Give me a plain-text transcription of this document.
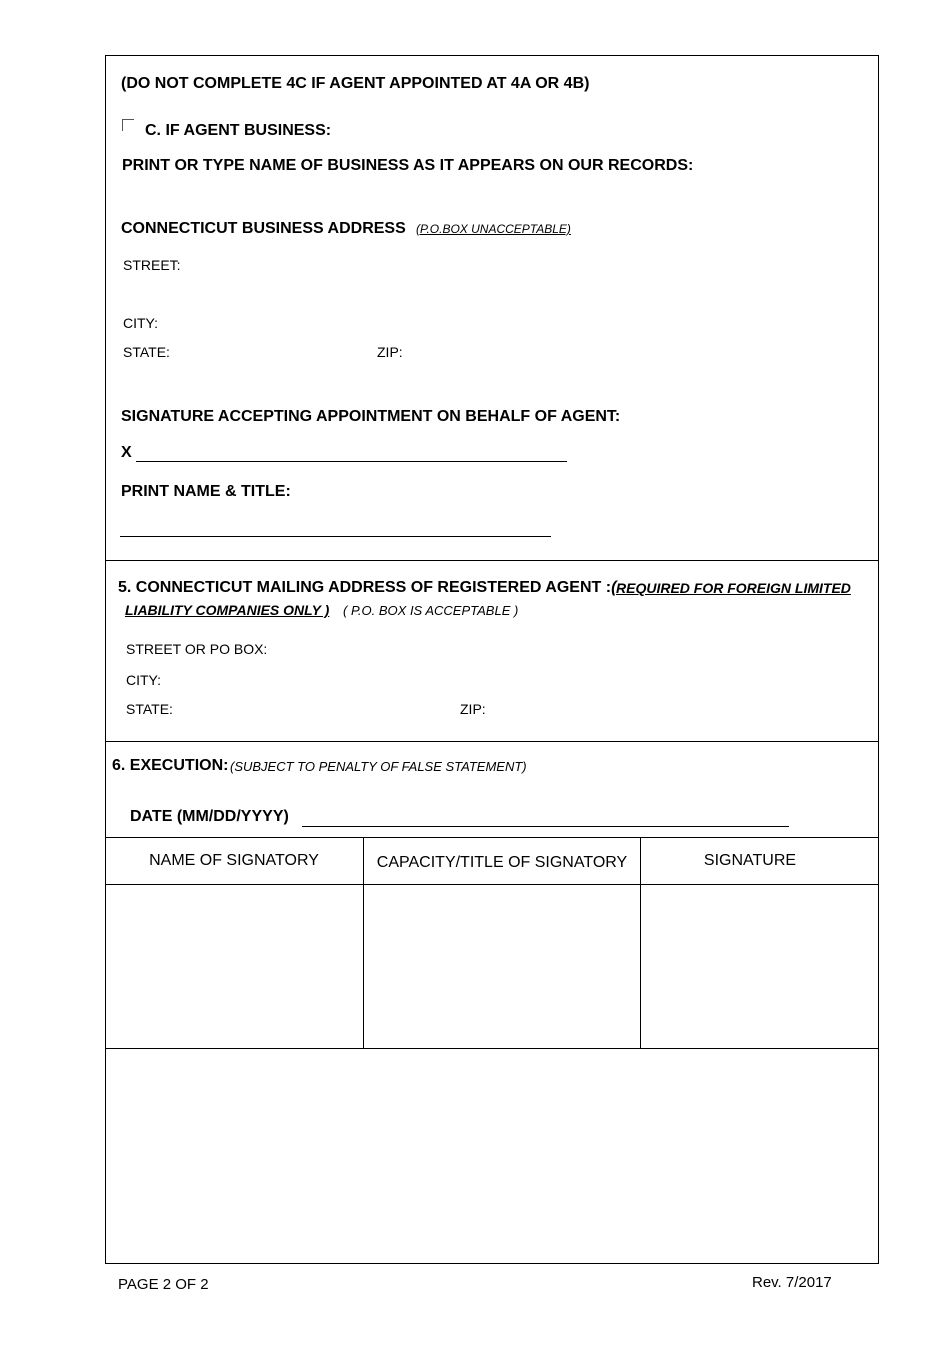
(DO NOT COMPLETE 4C IF AGENT APPOINTED AT 4A OR 4B)
C. IF AGENT BUSINESS:
PRINT OR TYPE NAME OF BUSINESS AS IT APPEARS ON OUR RECORDS:
CONNECTICUT BUSINESS ADDRESS (P.O.BOX UNACCEPTABLE)
STREET:
CITY:
STATE:	ZIP:
SIGNATURE ACCEPTING APPOINTMENT ON BEHALF OF AGENT:
X
PRINT NAME & TITLE:
5. CONNECTICUT MAILING ADDRESS OF REGISTERED AGENT :( REQUIRED FOR FOREIGN LIMITED
LIABILITY COMPANIES ONLY ) ( P.O. BOX IS ACCEPTABLE )
STREET OR PO BOX:
CITY:
STATE:	ZIP:
6. EXECUTION: (SUBJECT TO PENALTY OF FALSE STATEMENT)
DATE (MM/DD/YYYY)
NAME OF SIGNATORY	CAPACITY/TITLE OF SIGNATORY	SIGNATURE
PAGE 2 OF 2	Rev. 7/2017
